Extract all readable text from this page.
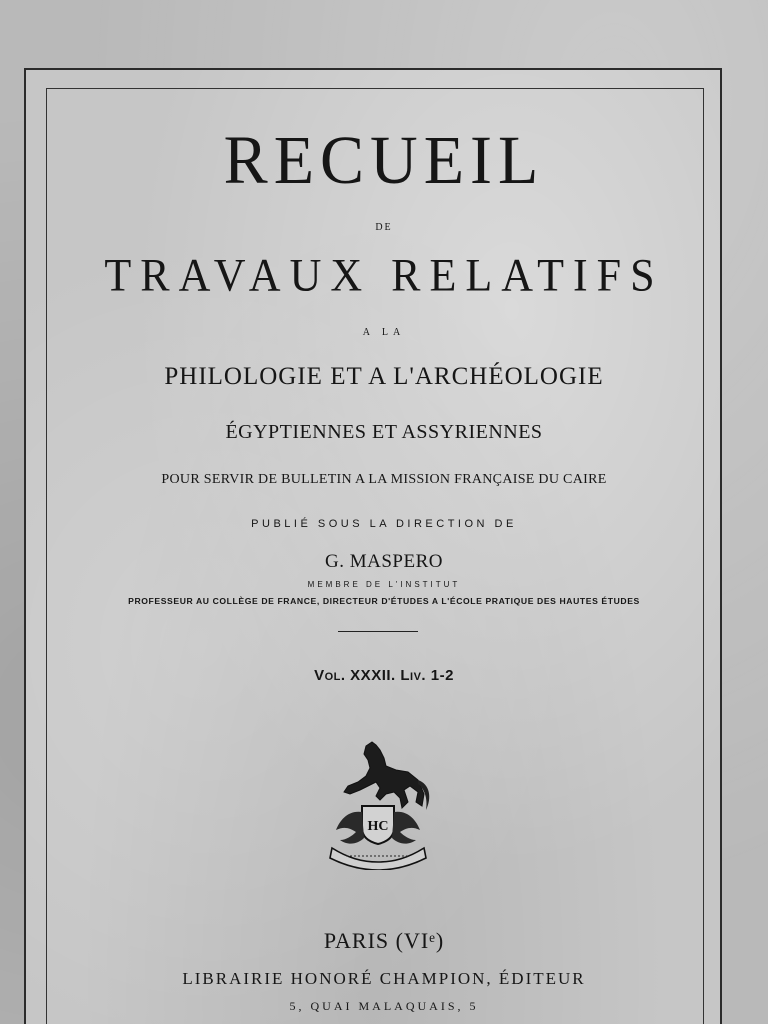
RECUEIL
DE
TRAVAUX RELATIFS
A LA
PHILOLOGIE ET A L'ARCHÉOLOGIE
ÉGYPTIENNES ET ASSYRIENNES
POUR SERVIR DE BULLETIN A LA MISSION FRANÇAISE DU CAIRE
PUBLIÉ SOUS LA DIRECTION DE
G. MASPERO
MEMBRE DE L'INSTITUT
PROFESSEUR AU COLLÈGE DE FRANCE, DIRECTEUR D'ÉTUDES A L'ÉCOLE PRATIQUE DES HAUTES ÉTUDES
Vol. XXXII. Liv. 1-2
HC
PARIS (VIᵉ)
LIBRAIRIE HONORÉ CHAMPION, ÉDITEUR
5, QUAI MALAQUAIS, 5
